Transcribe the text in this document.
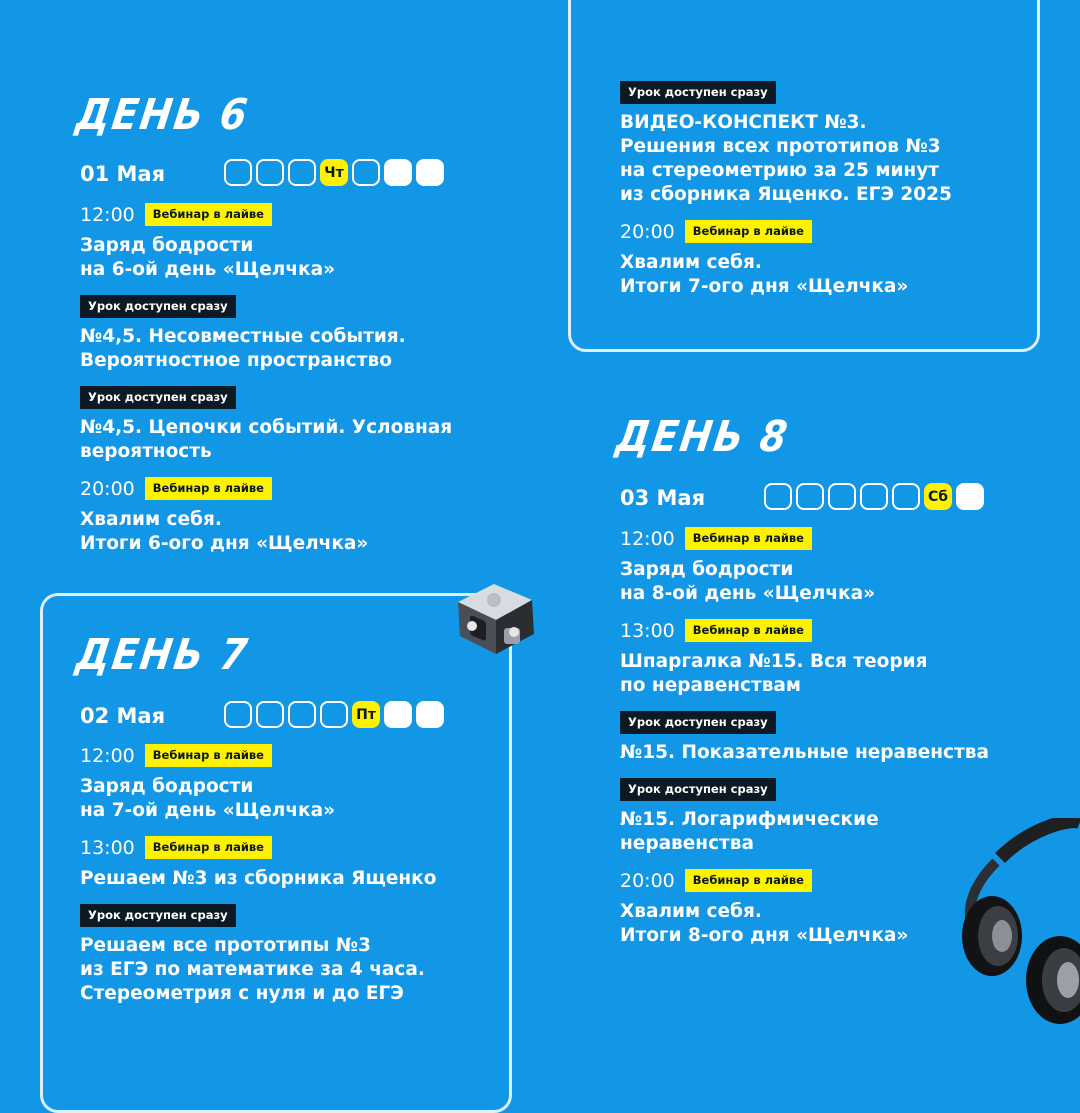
ДЕНЬ 6
01 Мая	Чт
12:00	Вебинар в лайве
Заряд бодрости
на 6-ой день «Щелчка»
Урок доступен сразу
№4,5. Несовместные события.
Вероятностное пространство
Урок доступен сразу
№4,5. Цепочки событий. Условная
вероятность
20:00	Вебинар в лайве
Хвалим себя.
Итоги 6-ого дня «Щелчка»
Урок доступен сразу
ВИДЕО-КОНСПЕКТ №3.
Решения всех прототипов №3
на стереометрию за 25 минут
из сборника Ященко. ЕГЭ 2025
20:00	Вебинар в лайве
Хвалим себя.
Итоги 7-ого дня «Щелчка»
ДЕНЬ 7
02 Мая	Пт
12:00	Вебинар в лайве
Заряд бодрости
на 7-ой день «Щелчка»
13:00	Вебинар в лайве
Решаем №3 из сборника Ященко
Урок доступен сразу
Решаем все прототипы №3
из ЕГЭ по математике за 4 часа.
Стереометрия с нуля и до ЕГЭ
ДЕНЬ 8
03 Мая	Сб
12:00	Вебинар в лайве
Заряд бодрости
на 8-ой день «Щелчка»
13:00	Вебинар в лайве
Шпаргалка №15. Вся теория
по неравенствам
Урок доступен сразу
№15. Показательные неравенства
Урок доступен сразу
№15. Логарифмические
неравенства
20:00	Вебинар в лайве
Хвалим себя.
Итоги 8-ого дня «Щелчка»
